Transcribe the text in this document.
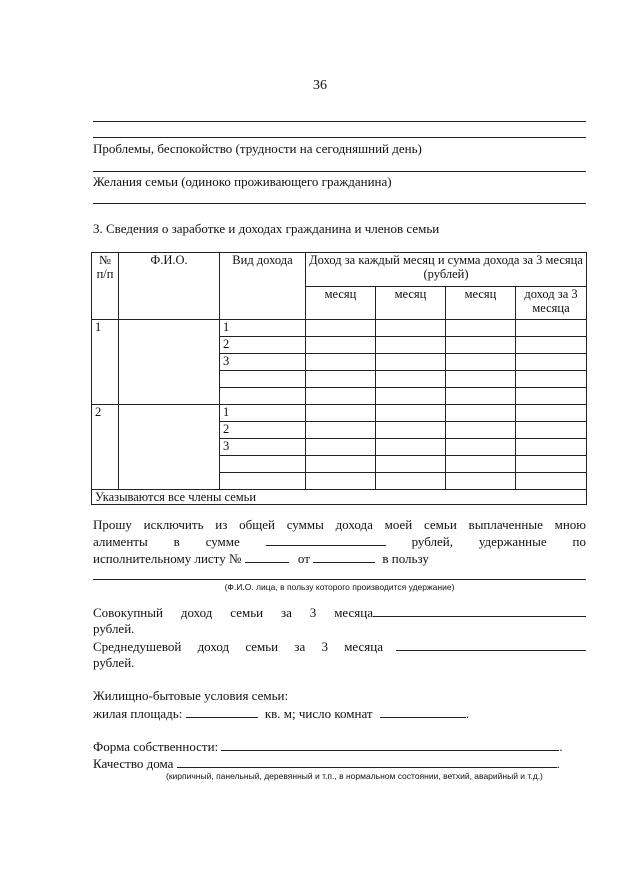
36
Проблемы, беспокойство (трудности на сегодняшний день)
Желания семьи (одиноко проживающего гражданина)
3. Сведения о заработке и доходах гражданина и членов семьи
№ п/п	Ф.И.О.	Вид дохода	Доход за каждый месяц и сумма дохода за 3 месяца (рублей)			
			месяц	месяц	месяц	доход за 3 месяца
1		1				
		2				
		3				

2		1				
		2				
		3				

Указываются все члены семьи						
Прошу исключить из общей суммы дохода моей семьи выплаченные мною
алименты в сумме	рублей, удержанные по
исполнительному листу №	от	в пользу
(Ф.И.О. лица, в пользу которого производится удержание)
Совокупный доход семьи за 3 месяца
рублей.
Среднедушевой доход семьи за 3 месяца
рублей.
Жилищно-бытовые условия семьи:
жилая площадь:	кв. м; число комнат	.
Форма собственности:	.
Качество дома	.
(кирпичный, панельный, деревянный и т.п., в нормальном состоянии, ветхий, аварийный и т.д.)
